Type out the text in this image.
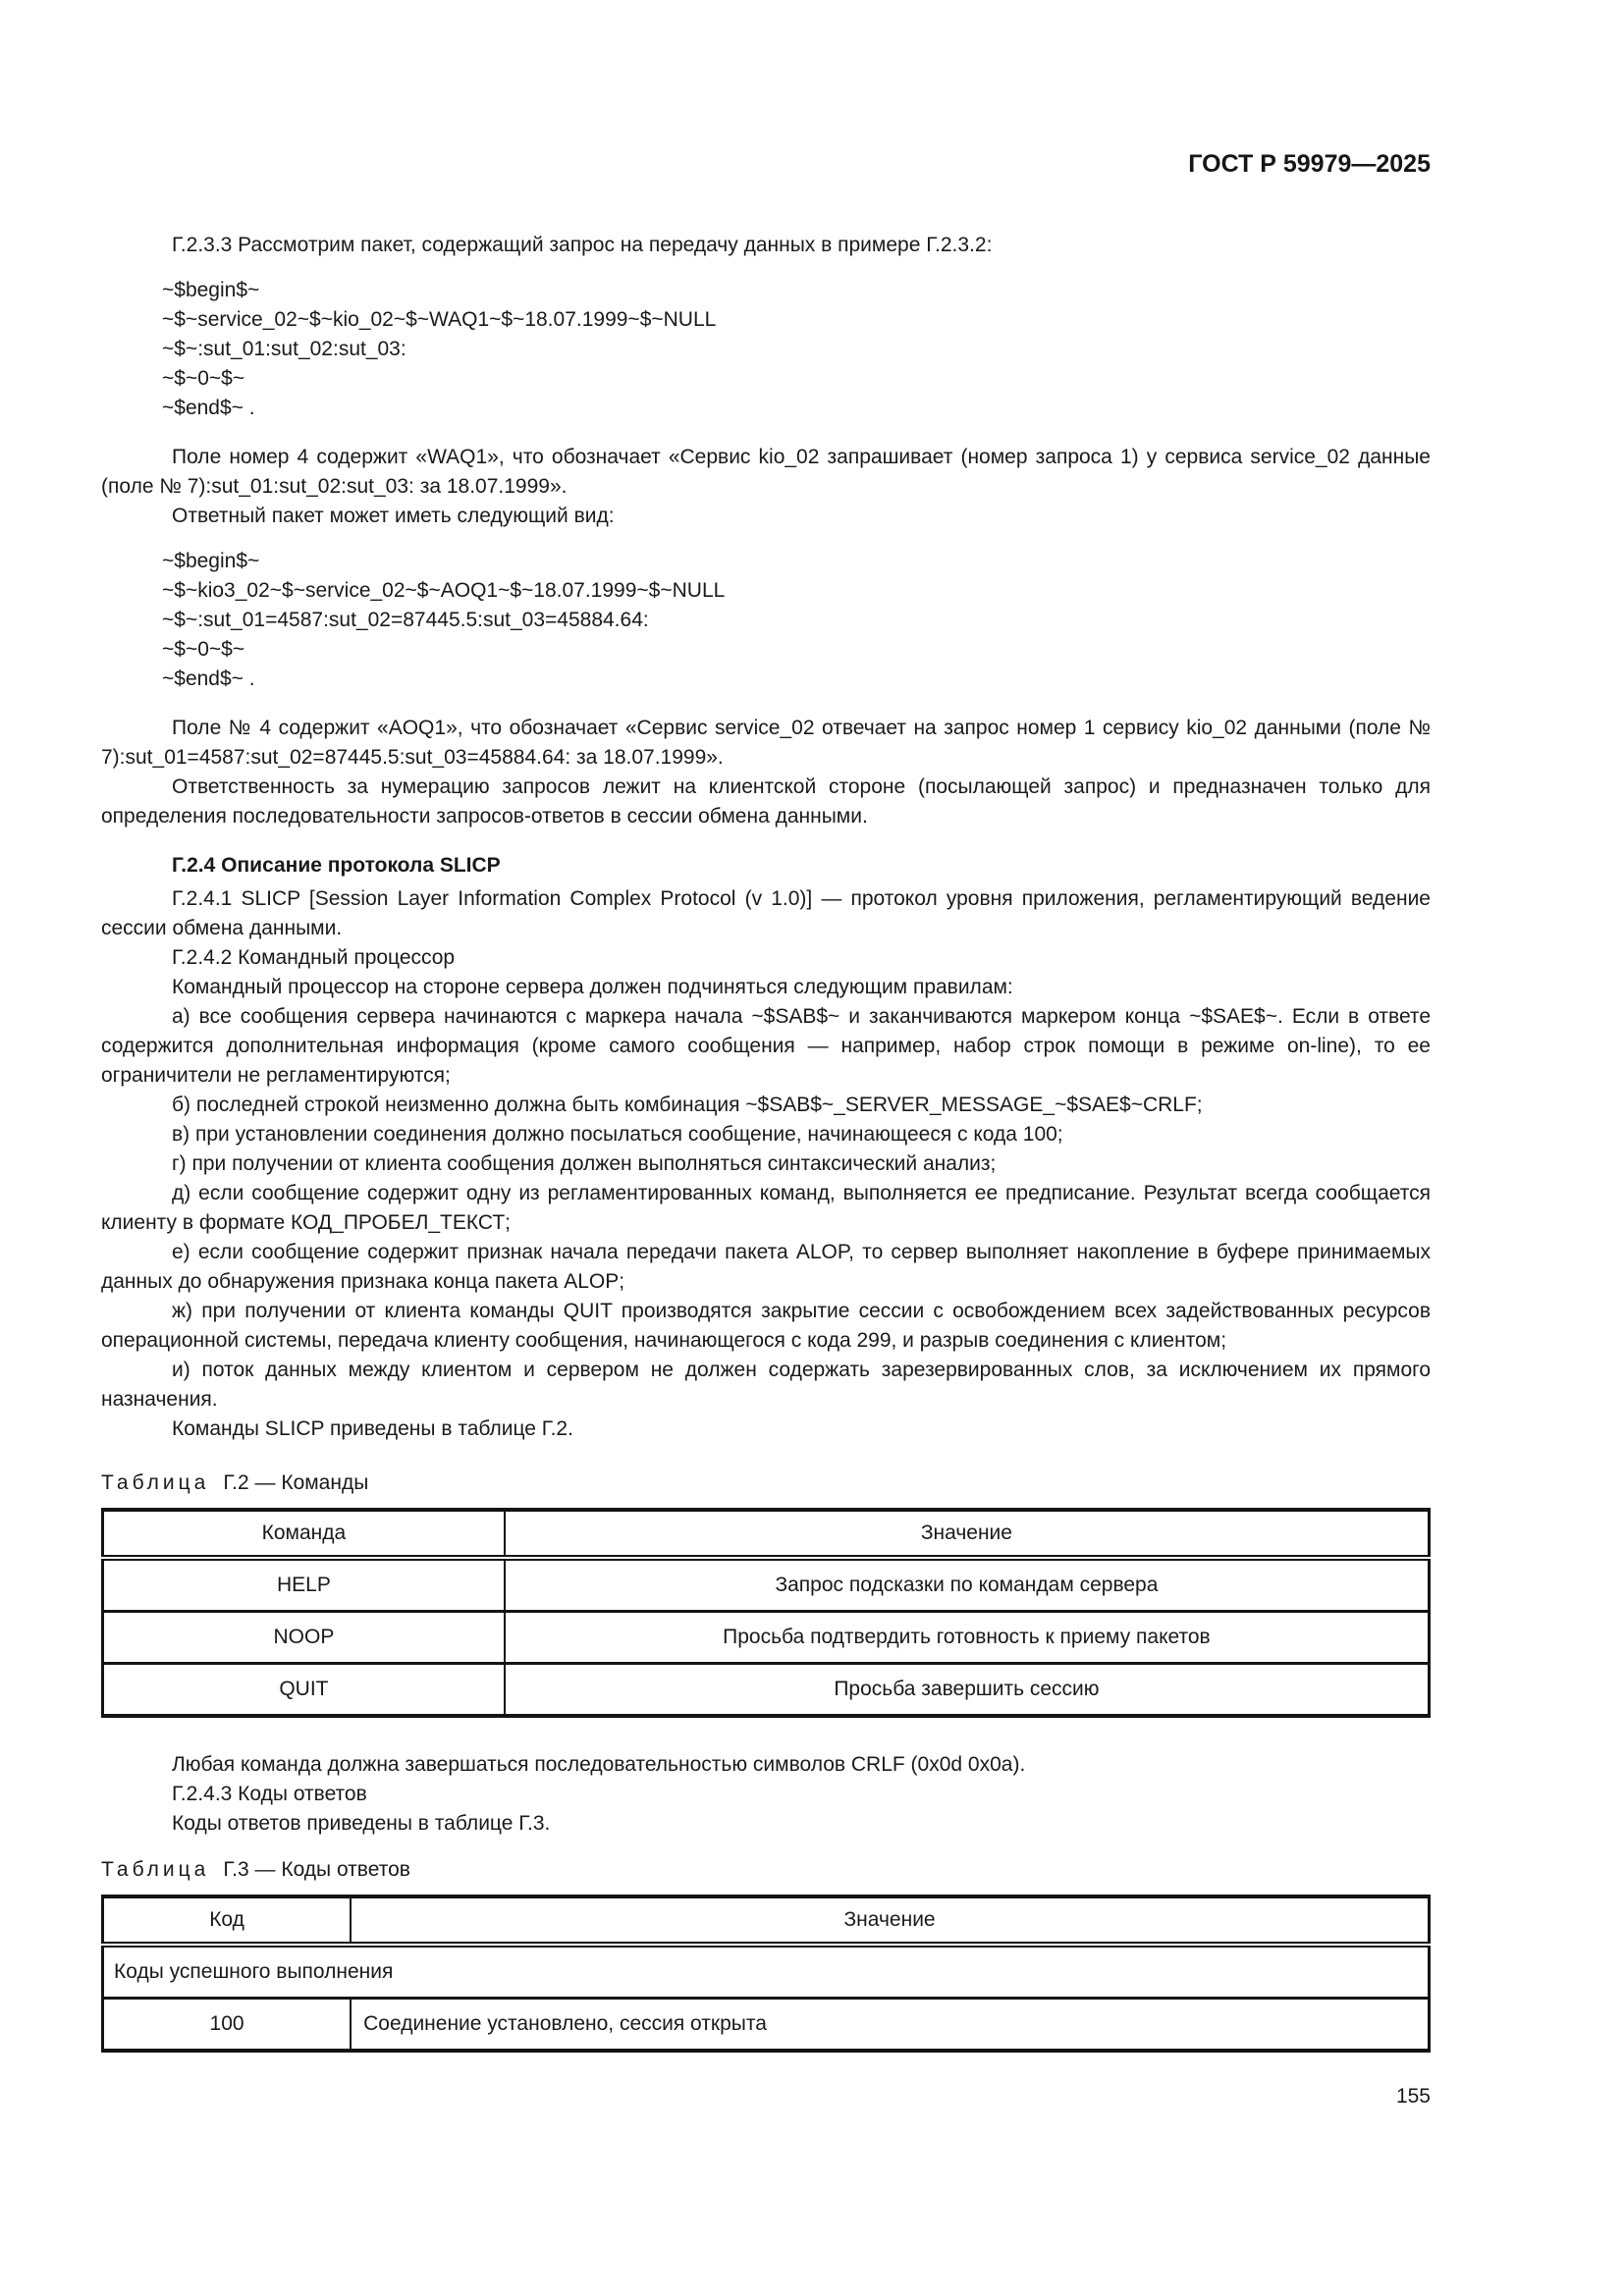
ГОСТ Р 59979—2025

Г.2.3.3 Рассмотрим пакет, содержащий запрос на передачу данных в примере Г.2.3.2:

~$begin$~
~$~service_02~$~kio_02~$~WAQ1~$~18.07.1999~$~NULL
~$~:sut_01:sut_02:sut_03:
~$~0~$~
~$end$~ .

Поле номер 4 содержит «WAQ1», что обозначает «Сервис kio_02 запрашивает (номер запроса 1) у сервиса service_02 данные (поле № 7):sut_01:sut_02:sut_03: за 18.07.1999».

Ответный пакет может иметь следующий вид:

~$begin$~
~$~kio3_02~$~service_02~$~AOQ1~$~18.07.1999~$~NULL
~$~:sut_01=4587:sut_02=87445.5:sut_03=45884.64:
~$~0~$~
~$end$~ .

Поле № 4 содержит «AOQ1», что обозначает «Сервис service_02 отвечает на запрос номер 1 сервису kio_02 данными (поле № 7):sut_01=4587:sut_02=87445.5:sut_03=45884.64: за 18.07.1999».

Ответственность за нумерацию запросов лежит на клиентской стороне (посылающей запрос) и предназначен только для определения последовательности запросов-ответов в сессии обмена данными.

Г.2.4 Описание протокола SLICP

Г.2.4.1 SLICP [Session Layer Information Complex Protocol (v 1.0)] — протокол уровня приложения, регламентирующий ведение сессии обмена данными.

Г.2.4.2 Командный процессор

Командный процессор на стороне сервера должен подчиняться следующим правилам:

а) все сообщения сервера начинаются с маркера начала ~$SAB$~ и заканчиваются маркером конца ~$SAE$~. Если в ответе содержится дополнительная информация (кроме самого сообщения — например, набор строк помощи в режиме on-line), то ее ограничители не регламентируются;

б) последней строкой неизменно должна быть комбинация ~$SAB$~_SERVER_MESSAGE_~$SAE$~CRLF;

в) при установлении соединения должно посылаться сообщение, начинающееся с кода 100;

г) при получении от клиента сообщения должен выполняться синтаксический анализ;

д) если сообщение содержит одну из регламентированных команд, выполняется ее предписание. Результат всегда сообщается клиенту в формате КОД_ПРОБЕЛ_ТЕКСТ;

е) если сообщение содержит признак начала передачи пакета ALOP, то сервер выполняет накопление в буфере принимаемых данных до обнаружения признака конца пакета ALOP;

ж) при получении от клиента команды QUIT производятся закрытие сессии с освобождением всех задействованных ресурсов операционной системы, передача клиенту сообщения, начинающегося с кода 299, и разрыв соединения с клиентом;

и) поток данных между клиентом и сервером не должен содержать зарезервированных слов, за исключением их прямого назначения.

Команды SLICP приведены в таблице Г.2.

Таблица Г.2 — Команды
Команда	Значение
HELP	Запрос подсказки по командам сервера
NOOP	Просьба подтвердить готовность к приему пакетов
QUIT	Просьба завершить сессию

Любая команда должна завершаться последовательностью символов CRLF (0x0d 0x0a).

Г.2.4.3 Коды ответов

Коды ответов приведены в таблице Г.3.

Таблица Г.3 — Коды ответов
Код	Значение
Коды успешного выполнения	
100	Соединение установлено, сессия открыта
155
